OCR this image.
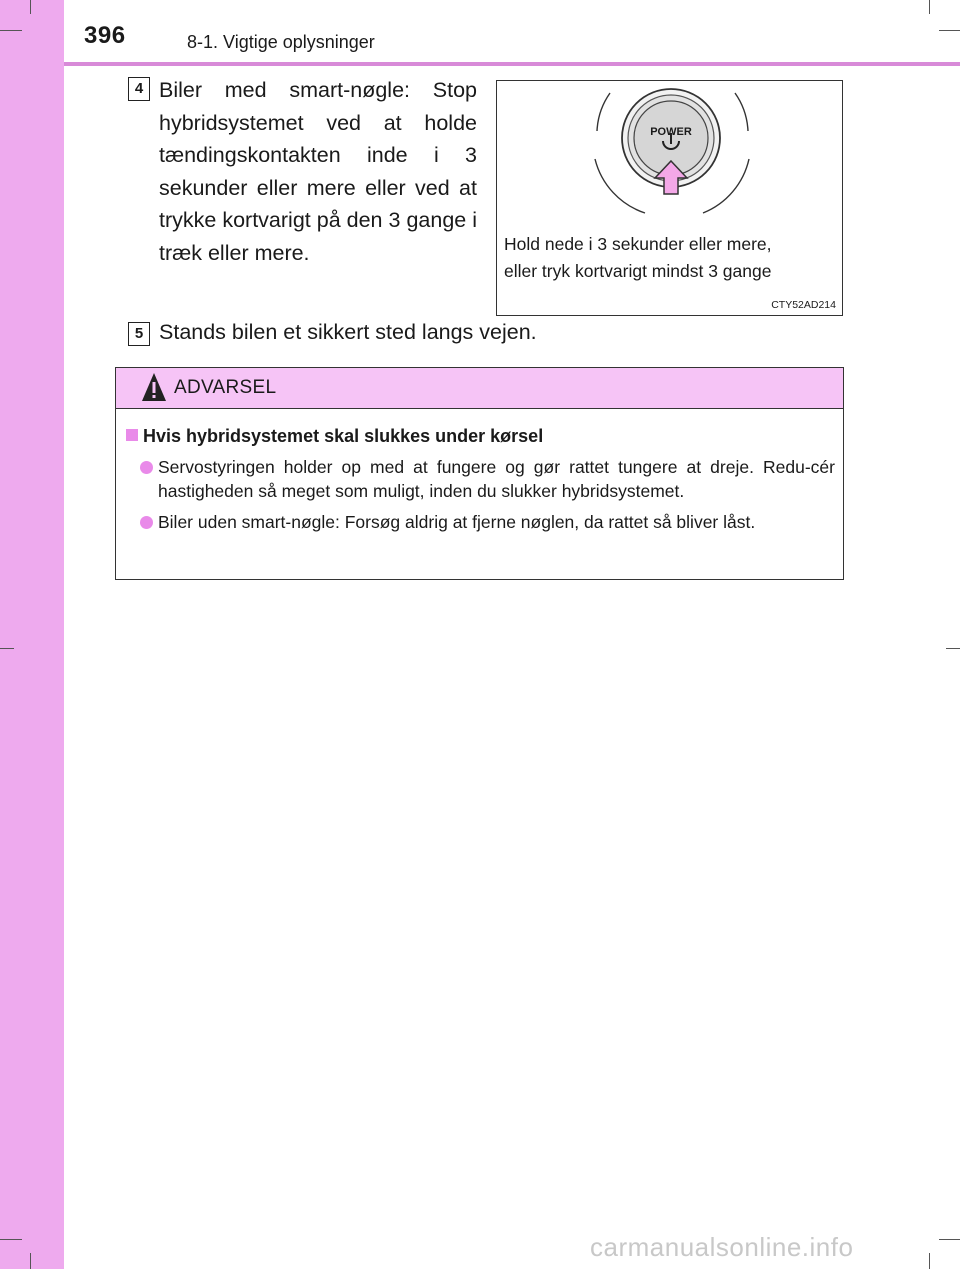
396	8-1. Vigtige oplysninger
4 Biler med smart-nøgle: Stop hybridsystemet ved at holde tændingskontakten inde i 3 sekunder eller mere eller ved at trykke kortvarigt på den 3 gange i træk eller mere.
POWER
Hold nede i 3 sekunder eller mere,
eller tryk kortvarigt mindst 3 gange
CTY52AD214
5 Stands bilen et sikkert sted langs vejen.
ADVARSEL
Hvis hybridsystemet skal slukkes under kørsel
Servostyringen holder op med at fungere og gør rattet tungere at dreje. Redu-cér hastigheden så meget som muligt, inden du slukker hybridsystemet.
Biler uden smart-nøgle: Forsøg aldrig at fjerne nøglen, da rattet så bliver låst.
carmanualsonline.info
